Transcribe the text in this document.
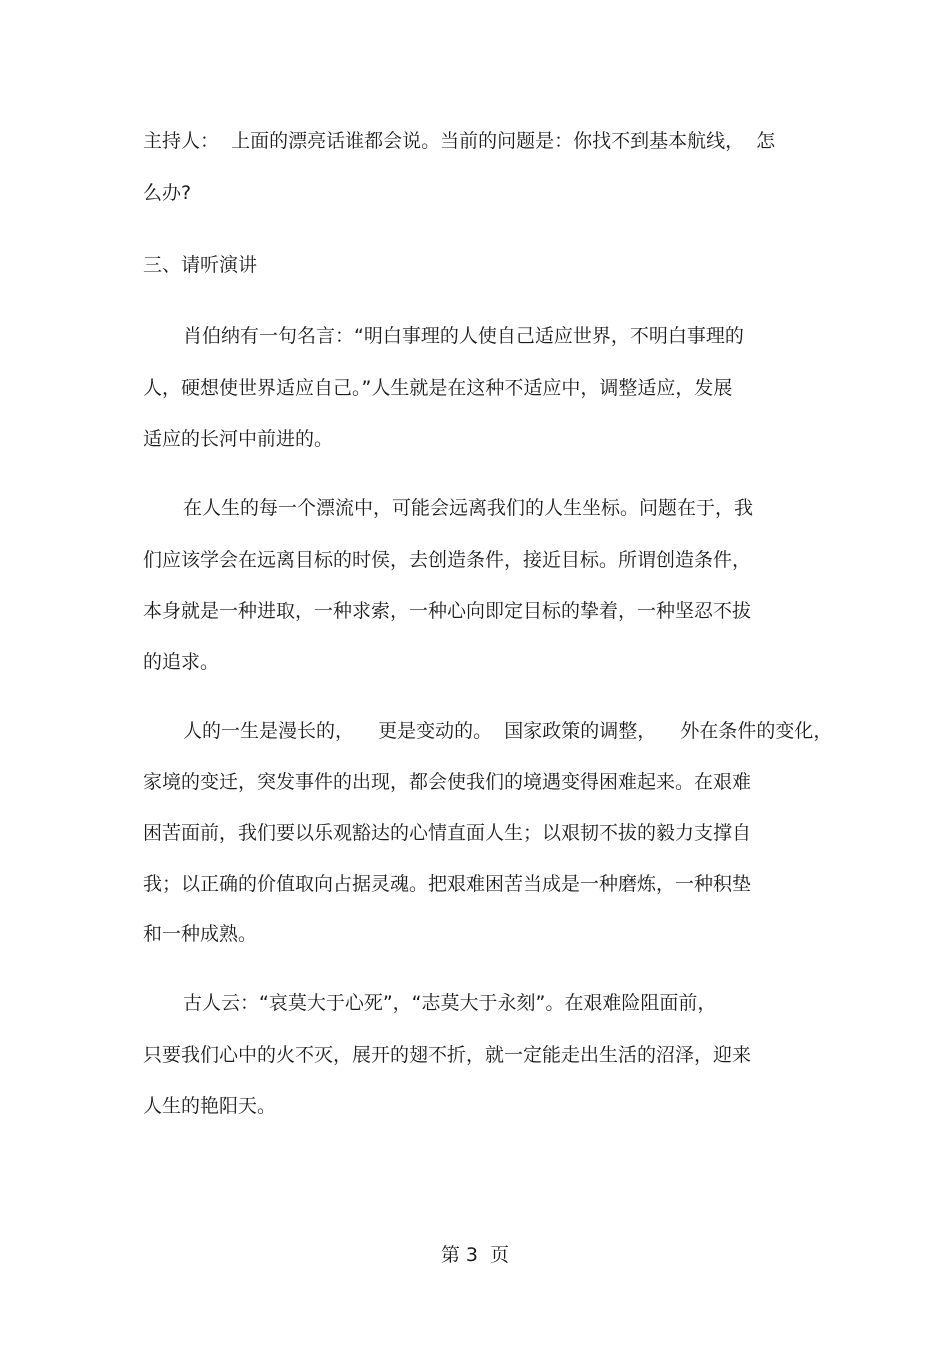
主持人：  上面的漂亮话谁都会说。当前的问题是：你找不到基本航线，  怎

么办?

三、请听演讲

肖伯纳有一句名言：“明白事理的人使自己适应世界，不明白事理的

人，硬想使世界适应自己。”人生就是在这种不适应中，调整适应，发展

适应的长河中前进的。

在人生的每一个漂流中，可能会远离我们的人生坐标。问题在于，我

们应该学会在远离目标的时侯，去创造条件，接近目标。所谓创造条件，

本身就是一种进取，一种求索，一种心向即定目标的挚着，一种坚忍不拔

的追求。

人的一生是漫长的，    更是变动的。  国家政策的调整，    外在条件的变化，

家境的变迁，突发事件的出现，都会使我们的境遇变得困难起来。在艰难

困苦面前，我们要以乐观豁达的心情直面人生；以艰韧不拔的毅力支撑自

我；以正确的价值取向占据灵魂。把艰难困苦当成是一种磨炼，一种积垫

和一种成熟。

古人云：“哀莫大于心死”，“志莫大于永刻”。在艰难险阻面前，

只要我们心中的火不灭，展开的翅不折，就一定能走出生活的沼泽，迎来

人生的艳阳天。

第 3  页
